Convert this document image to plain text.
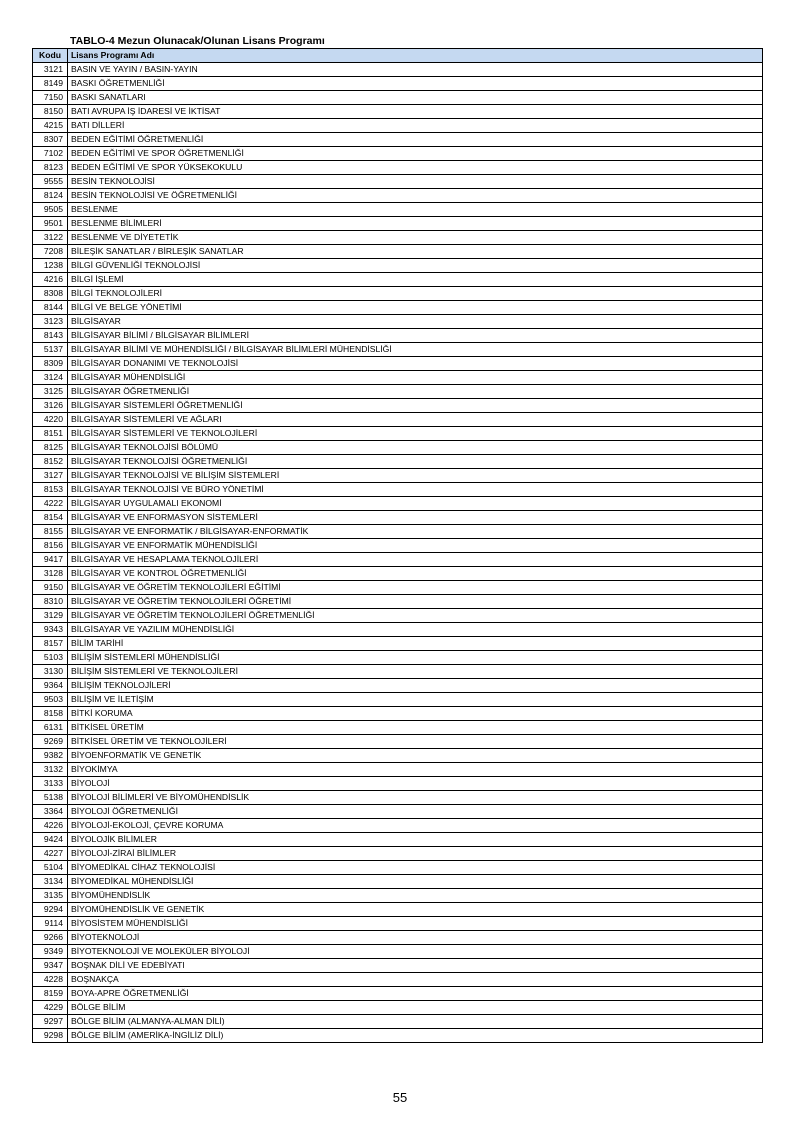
TABLO-4 Mezun Olunacak/Olunan Lisans Programı
Kodu	Lisans Programı Adı
3121	BASIN VE YAYIN / BASIN-YAYIN
8149	BASKI ÖĞRETMENLİĞİ
7150	BASKI SANATLARI
8150	BATI AVRUPA İŞ İDARESİ VE İKTİSAT
4215	BATI DİLLERİ
8307	BEDEN EĞİTİMİ ÖĞRETMENLİĞİ
7102	BEDEN EĞİTİMİ VE SPOR ÖĞRETMENLİĞİ
8123	BEDEN EĞİTİMİ VE SPOR YÜKSEKOKULU
9555	BESİN TEKNOLOJİSİ
8124	BESİN TEKNOLOJİSİ VE ÖĞRETMENLİĞİ
9505	BESLENME
9501	BESLENME BİLİMLERİ
3122	BESLENME VE DİYETETİK
7208	BİLEŞİK SANATLAR / BİRLEŞİK SANATLAR
1238	BİLGİ GÜVENLİĞİ TEKNOLOJİSİ
4216	BİLGİ İŞLEMİ
8308	BİLGİ TEKNOLOJİLERİ
8144	BİLGİ VE BELGE YÖNETİMİ
3123	BİLGİSAYAR
8143	BİLGİSAYAR BİLİMİ / BİLGİSAYAR BİLİMLERİ
5137	BİLGİSAYAR BİLİMİ VE MÜHENDİSLİĞİ / BİLGİSAYAR BİLİMLERİ MÜHENDİSLİĞİ
8309	BİLGİSAYAR DONANIMI VE TEKNOLOJİSİ
3124	BİLGİSAYAR MÜHENDİSLİĞİ
3125	BİLGİSAYAR ÖĞRETMENLİĞİ
3126	BİLGİSAYAR SİSTEMLERİ ÖĞRETMENLİĞİ
4220	BİLGİSAYAR SİSTEMLERİ VE AĞLARI
8151	BİLGİSAYAR SİSTEMLERİ VE TEKNOLOJİLERİ
8125	BİLGİSAYAR TEKNOLOJİSİ BÖLÜMÜ
8152	BİLGİSAYAR TEKNOLOJİSİ ÖĞRETMENLİĞİ
3127	BİLGİSAYAR TEKNOLOJİSİ VE BİLİŞİM SİSTEMLERİ
8153	BİLGİSAYAR TEKNOLOJİSİ VE BÜRO YÖNETİMİ
4222	BİLGİSAYAR UYGULAMALI EKONOMİ
8154	BİLGİSAYAR VE ENFORMASYON SİSTEMLERİ
8155	BİLGİSAYAR VE ENFORMATİK / BİLGİSAYAR-ENFORMATİK
8156	BİLGİSAYAR VE ENFORMATİK MÜHENDİSLİĞİ
9417	BİLGİSAYAR VE HESAPLAMA TEKNOLOJİLERİ
3128	BİLGİSAYAR VE KONTROL ÖĞRETMENLİĞİ
9150	BİLGİSAYAR VE ÖĞRETİM TEKNOLOJİLERİ EĞİTİMİ
8310	BİLGİSAYAR VE ÖĞRETİM TEKNOLOJİLERİ ÖĞRETİMİ
3129	BİLGİSAYAR VE ÖĞRETİM TEKNOLOJİLERİ ÖĞRETMENLİĞİ
9343	BİLGİSAYAR VE YAZILIM MÜHENDİSLİĞİ
8157	BİLİM TARİHİ
5103	BİLİŞİM SİSTEMLERİ MÜHENDİSLİĞİ
3130	BİLİŞİM SİSTEMLERİ VE TEKNOLOJİLERİ
9364	BİLİŞİM TEKNOLOJİLERİ
9503	BİLİŞİM VE İLETİŞİM
8158	BİTKİ KORUMA
6131	BİTKİSEL ÜRETİM
9269	BİTKİSEL ÜRETİM VE TEKNOLOJİLERİ
9382	BİYOENFORMATİK VE GENETİK
3132	BİYOKİMYA
3133	BİYOLOJİ
5138	BİYOLOJİ BİLİMLERİ VE BİYOMÜHENDİSLİK
3364	BİYOLOJİ ÖĞRETMENLİĞİ
4226	BİYOLOJİ-EKOLOJİ, ÇEVRE KORUMA
9424	BİYOLOJİK BİLİMLER
4227	BİYOLOJİ-ZİRAİ BİLİMLER
5104	BİYOMEDİKAL CİHAZ TEKNOLOJİSİ
3134	BİYOMEDİKAL MÜHENDİSLİĞİ
3135	BİYOMÜHENDİSLİK
9294	BİYOMÜHENDİSLİK VE GENETİK
9114	BİYOSİSTEM MÜHENDİSLİĞİ
9266	BİYOTEKNOLOJİ
9349	BİYOTEKNOLOJİ VE MOLEKÜLER BİYOLOJİ
9347	BOŞNAK DİLİ VE EDEBİYATI
4228	BOŞNAKÇA
8159	BOYA-APRE ÖĞRETMENLİĞİ
4229	BÖLGE BİLİM
9297	BÖLGE BİLİM (ALMANYA-ALMAN DİLİ)
9298	BÖLGE BİLİM (AMERİKA-İNGİLİZ DİLİ)
55
